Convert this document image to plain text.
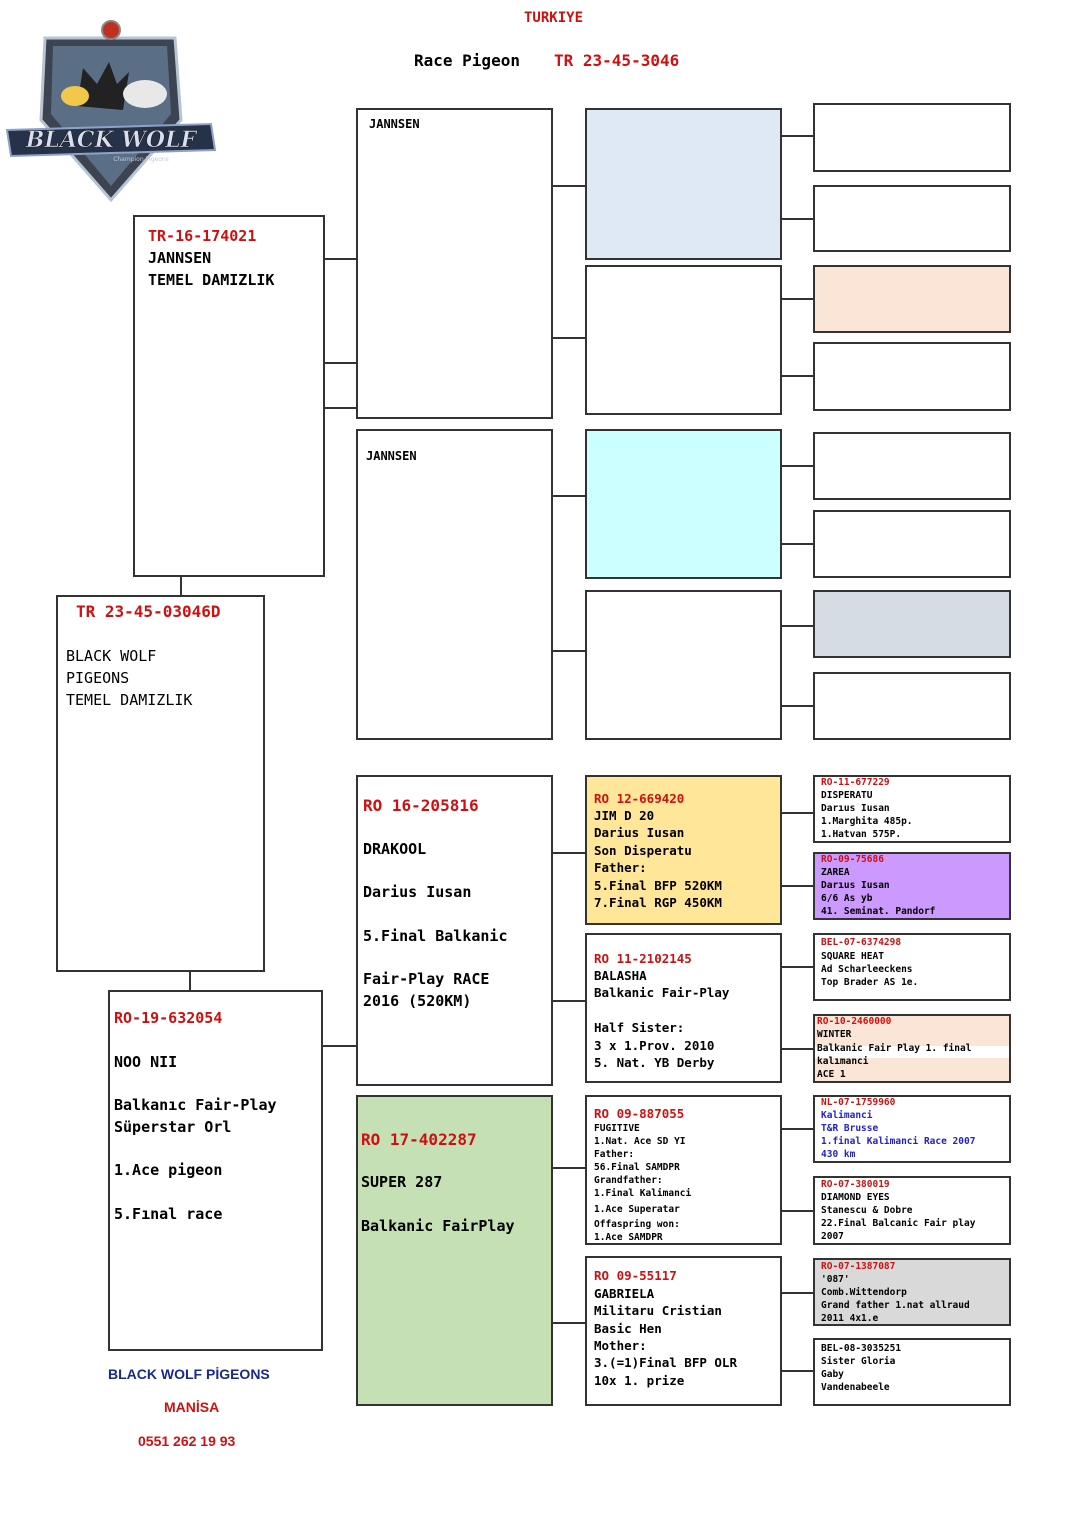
TURKIYE
Race Pigeon TR 23-45-3046
BLACK WOLF
Champion Pigeons
TR 23-45-03046D
BLACK WOLF
PIGEONS
TEMEL DAMIZLIK
TR-16-174021
JANNSEN
TEMEL DAMIZLIK
RO-19-632054
NOO NII
Balkanıc Fair-Play
Süperstar Orl
1.Ace pigeon
5.Fınal race
JANNSEN
JANNSEN
RO 16-205816
DRAKOOL
Darius Iusan
5.Final Balkanic
Fair-Play RACE
2016 (520KM)
RO 17-402287
SUPER 287
Balkanic FairPlay
RO 12-669420
JIM D 20
Darius Iusan
Son Disperatu
Father:
5.Final BFP 520KM
7.Final RGP 450KM
RO 11-2102145
BALASHA
Balkanic Fair-Play
Half Sister:
3 x 1.Prov. 2010
5. Nat. YB Derby
RO 09-887055
FUGITIVE
1.Nat. Ace SD YI
Father:
56.Final SAMDPR
Grandfather:
1.Final Kalimanci
1.Ace Superatar
Offaspring won:
1.Ace SAMDPR
RO 09-55117
GABRIELA
Militaru Cristian
Basic Hen
Mother:
3.(=1)Final BFP OLR
10x 1. prize
RO-11-677229
DISPERATU
Darıus Iusan
1.Marghita 485p.
1.Hatvan 575P.
RO-09-75686
ZAREA
Darıus Iusan
6/6 As yb
41. Seminat. Pandorf
BEL-07-6374298
SQUARE HEAT
Ad Scharleeckens
Top Brader AS 1e.
RO-10-2460000
WINTER
Balkanic Fair Play 1. final
kalımanci
ACE 1
NL-07-1759960
Kalimanci
T&R Brusse
1.final Kalimanci Race 2007
430 km
RO-07-380019
DIAMOND EYES
Stanescu & Dobre
22.Final Balcanic Fair play
2007
RO-07-1387087
'087'
Comb.Wittendorp
Grand father 1.nat allraud
2011 4x1.e
BEL-08-3035251
Sister Gloria
Gaby
Vandenabeele
BLACK WOLF PİGEONS
MANİSA
0551 262 19 93
